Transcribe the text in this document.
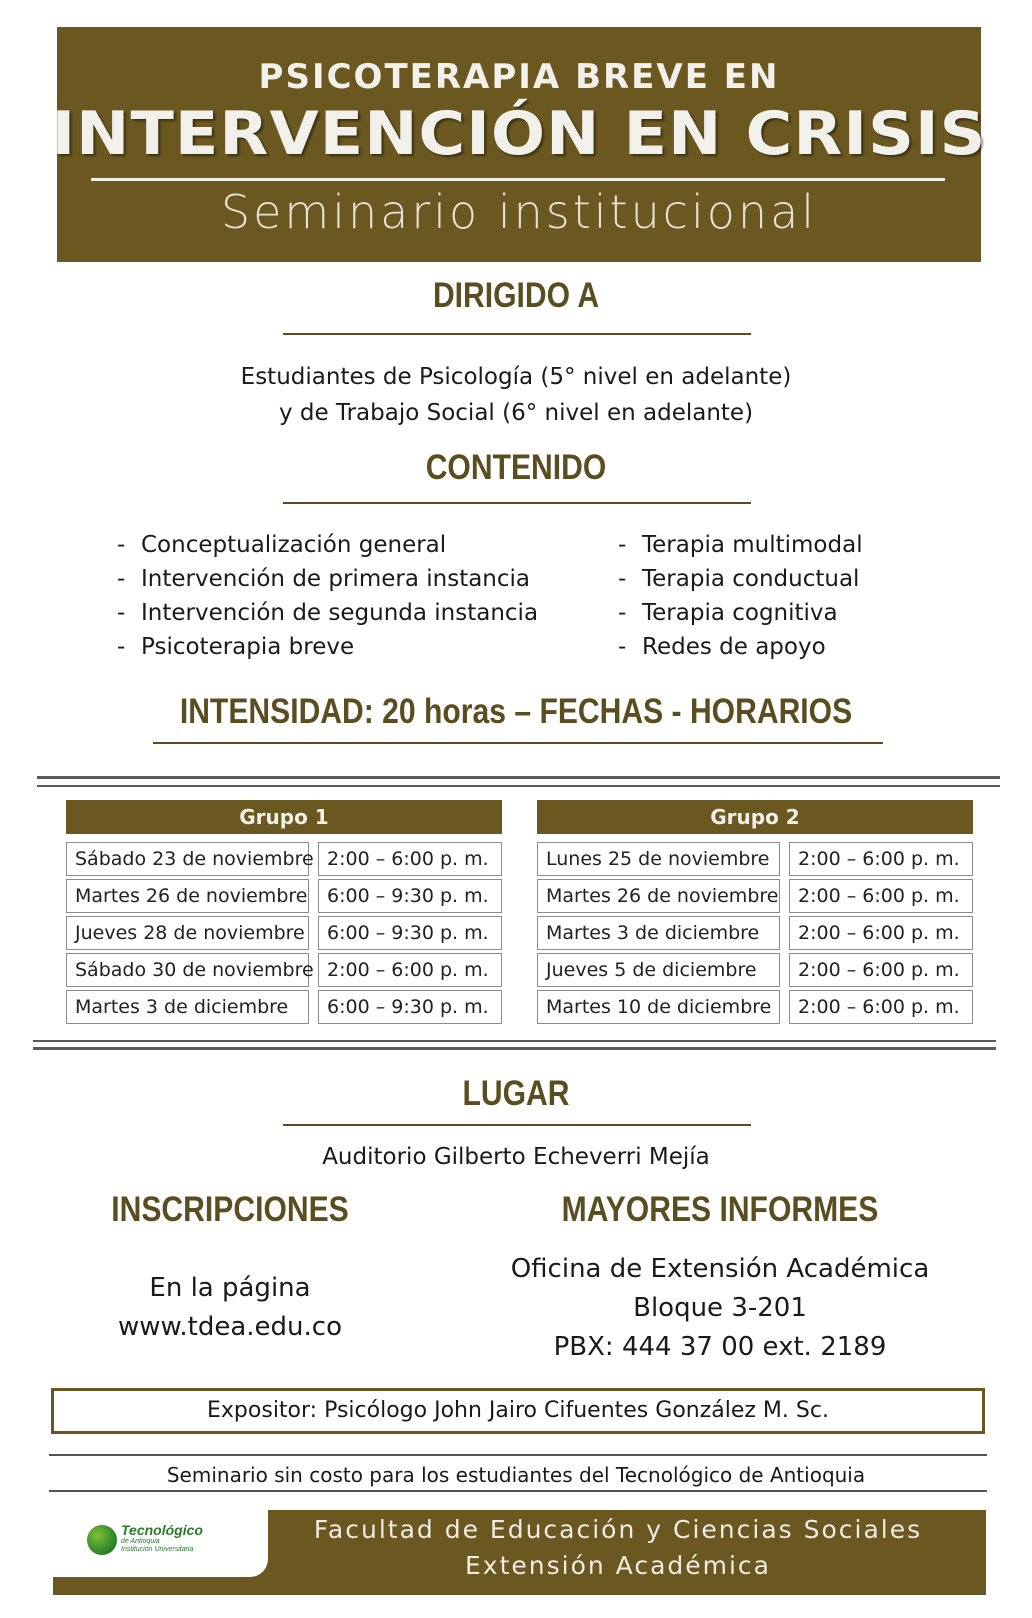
PSICOTERAPIA BREVE EN
INTERVENCIÓN EN CRISIS
Seminario institucional
DIRIGIDO A
Estudiantes de Psicología (5° nivel en adelante)
y de Trabajo Social (6° nivel en adelante)
CONTENIDO
- Conceptualización general
- Intervención de primera instancia
- Intervención de segunda instancia
- Psicoterapia breve
- Terapia multimodal
- Terapia conductual
- Terapia cognitiva
- Redes de apoyo
INTENSIDAD: 20 horas – FECHAS - HORARIOS
Grupo 1
Sábado 23 de noviembre 2:00 – 6:00 p. m.
Martes 26 de noviembre	6:00 – 9:30 p. m.
Jueves 28 de noviembre	6:00 – 9:30 p. m.
Sábado 30 de noviembre 2:00 – 6:00 p. m.
Martes 3 de diciembre	6:00 – 9:30 p. m.
Grupo 2
Lunes 25 de noviembre	2:00 – 6:00 p. m.
Martes 26 de noviembre	2:00 – 6:00 p. m.
Martes 3 de diciembre	2:00 – 6:00 p. m.
Jueves 5 de diciembre	2:00 – 6:00 p. m.
Martes 10 de diciembre	2:00 – 6:00 p. m.
LUGAR
Auditorio Gilberto Echeverri Mejía
INSCRIPCIONES
En la página
www.tdea.edu.co
MAYORES INFORMES
Oficina de Extensión Académica
Bloque 3-201
PBX: 444 37 00 ext. 2189
Expositor: Psicólogo John Jairo Cifuentes González M. Sc.
Seminario sin costo para los estudiantes del Tecnológico de Antioquia
Tecnológico
de Antioquia
Institución Universitaria
Facultad de Educación y Ciencias Sociales
Extensión Académica
